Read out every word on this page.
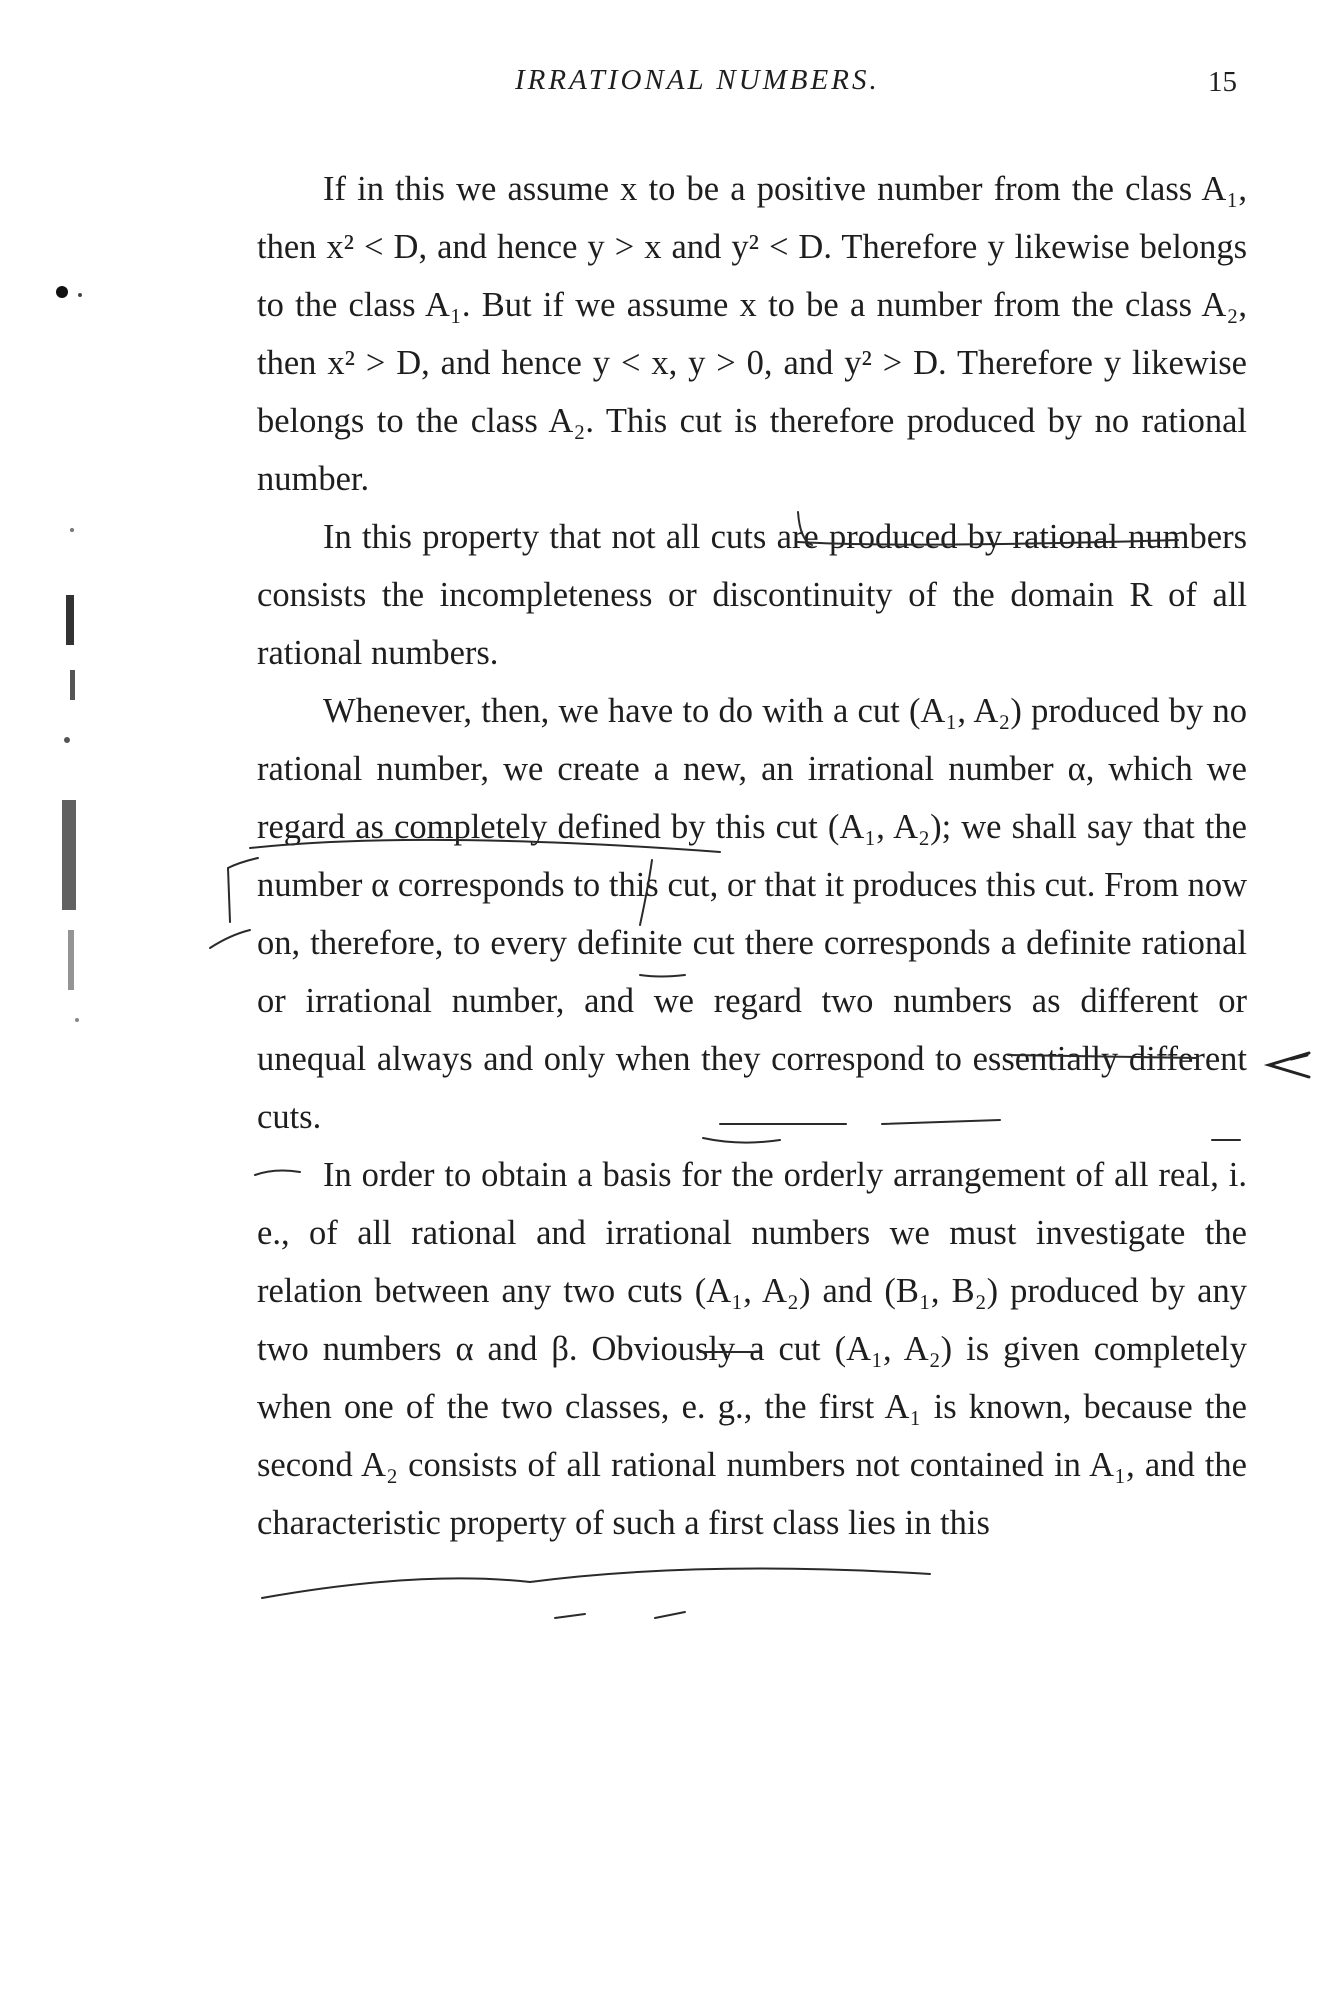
IRRATIONAL NUMBERS.	15

If in this we assume x to be a positive number from the class A₁, then x² < D, and hence y > x and y² < D. Therefore y likewise belongs to the class A₁. But if we assume x to be a number from the class A₂, then x² > D, and hence y < x, y > 0, and y² > D. Therefore y likewise belongs to the class A₂. This cut is therefore produced by no rational number.

In this property that not all cuts are produced by rational numbers consists the incompleteness or discontinuity of the domain R of all rational numbers.

Whenever, then, we have to do with a cut (A₁, A₂) produced by no rational number, we create a new, an irrational number α, which we regard as completely defined by this cut (A₁, A₂); we shall say that the number α corresponds to this cut, or that it produces this cut. From now on, therefore, to every definite cut there corresponds a definite rational or irrational number, and we regard two numbers as different or unequal always and only when they correspond to essentially different cuts.

In order to obtain a basis for the orderly arrangement of all real, i. e., of all rational and irrational numbers we must investigate the relation between any two cuts (A₁, A₂) and (B₁, B₂) produced by any two numbers α and β. Obviously a cut (A₁, A₂) is given completely when one of the two classes, e. g., the first A₁ is known, because the second A₂ consists of all rational numbers not contained in A₁, and the characteristic property of such a first class lies in this
